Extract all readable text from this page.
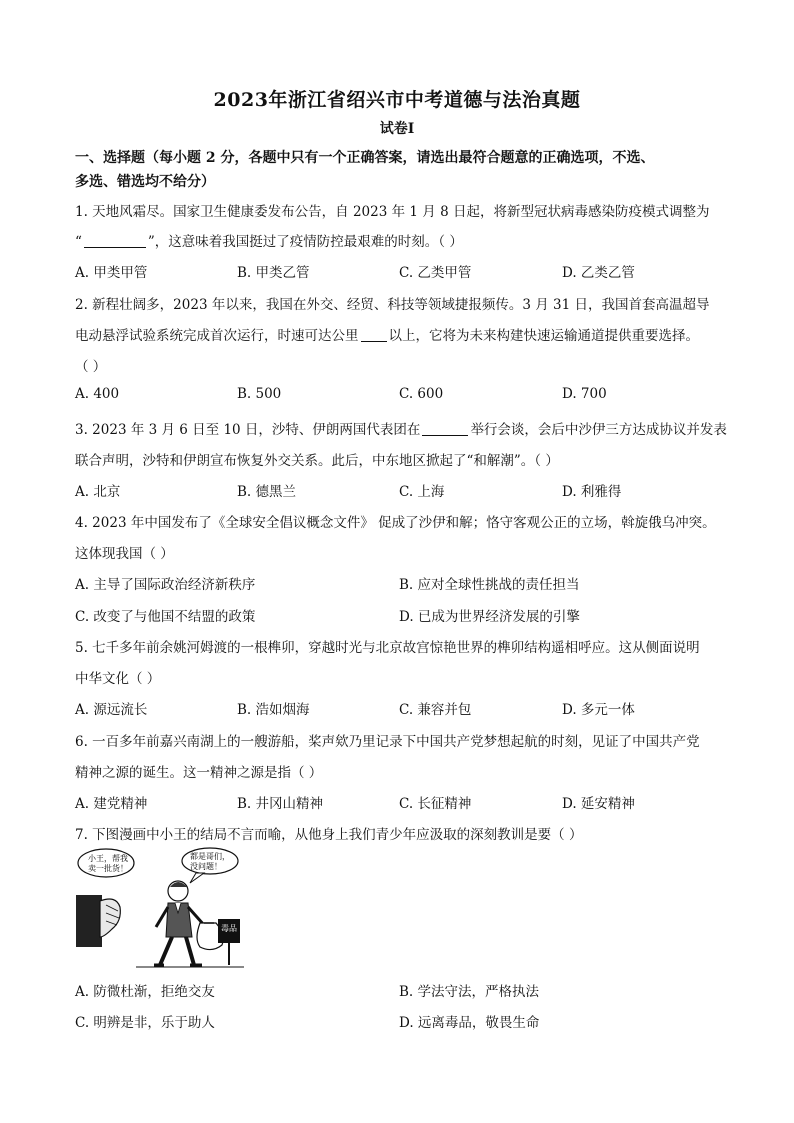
2023年浙江省绍兴市中考道德与法治真题
试卷I
一、选择题（每小题 2 分，各题中只有一个正确答案，请选出最符合题意的正确选项，不选、
多选、错选均不给分）
1. 天地风霜尽。国家卫生健康委发布公告，自 2023 年 1 月 8 日起，将新型冠状病毒感染防疫模式调整为
“	”，这意味着我国挺过了疫情防控最艰难的时刻。（ ）
A. 甲类甲管	B. 甲类乙管	C. 乙类甲管	D. 乙类乙管
2. 新程壮阔多，2023 年以来，我国在外交、经贸、科技等领域捷报频传。3 月 31 日，我国首套高温超导
电动悬浮试验系统完成首次运行，时速可达公里 以上，它将为未来构建快速运输通道提供重要选择。
（ ）
A. 400	B. 500	C. 600	D. 700
3. 2023 年 3 月 6 日至 10 日，沙特、伊朗两国代表团在	举行会谈，会后中沙伊三方达成协议并发表
联合声明，沙特和伊朗宣布恢复外交关系。此后，中东地区掀起了“和解潮”。（ ）
A. 北京	B. 德黑兰	C. 上海	D. 利雅得
4. 2023 年中国发布了《全球安全倡议概念文件》 促成了沙伊和解；恪守客观公正的立场，斡旋俄乌冲突。
这体现我国（ ）
A. 主导了国际政治经济新秩序	B. 应对全球性挑战的责任担当
C. 改变了与他国不结盟的政策	D. 已成为世界经济发展的引擎
5. 七千多年前余姚河姆渡的一根榫卯，穿越时光与北京故宫惊艳世界的榫卯结构遥相呼应。这从侧面说明
中华文化（ ）
A. 源远流长	B. 浩如烟海	C. 兼容并包	D. 多元一体
6. 一百多年前嘉兴南湖上的一艘游船，桨声欸乃里记录下中国共产党梦想起航的时刻，见证了中国共产党
精神之源的诞生。这一精神之源是指（ ）
A. 建党精神	B. 井冈山精神	C. 长征精神	D. 延安精神
7. 下图漫画中小王的结局不言而喻，从他身上我们青少年应汲取的深刻教训是要（ ）
小王，帮我
卖一批货！
都是哥们，
没问题！
毒品
A. 防微杜渐，拒绝交友	B. 学法守法，严格执法
C. 明辨是非，乐于助人	D. 远离毒品，敬畏生命
